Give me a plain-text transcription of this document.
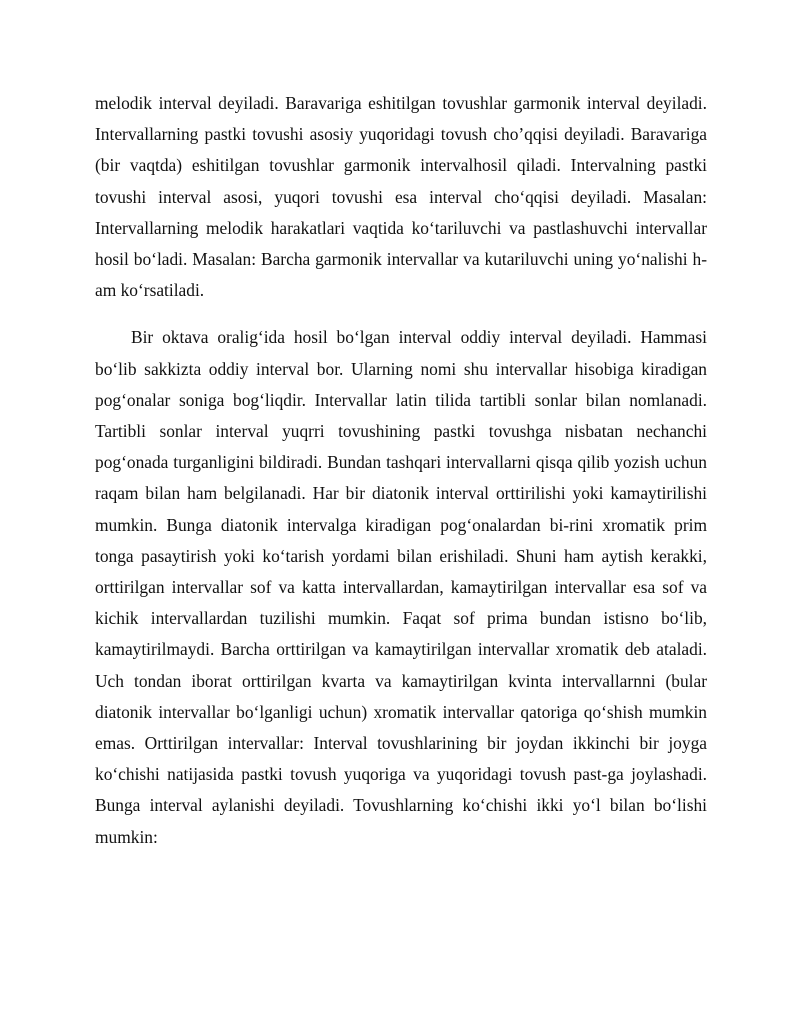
melodik interval deyiladi. Baravariga eshitilgan tovushlar garmonik interval deyiladi. Intervallarning pastki tovushi asosiy yuqoridagi tovush cho’qqisi deyiladi. Baravariga (bir vaqtda) eshitilgan tovushlar garmonik intervalhosil qiladi. Intervalning pastki tovushi interval asosi, yuqori tovushi esa interval cho‘qqisi deyiladi. Masalan: Intervallarning melodik harakatlari vaqtida ko‘tariluvchi va pastlashuvchi intervallar hosil bo‘ladi. Masalan: Barcha garmonik intervallar va kutariluvchi uning yo‘nalishi h-am ko‘rsatiladi.

Bir oktava oralig‘ida hosil bo‘lgan interval oddiy interval deyiladi. Hammasi bo‘lib sakkizta oddiy interval bor. Ularning nomi shu intervallar hisobiga kiradigan pog‘onalar soniga bog‘liqdir. Intervallar latin tilida tartibli sonlar bilan nomlanadi. Tartibli sonlar interval yuqrri tovushining pastki tovushga nisbatan nechanchi pog‘onada turganligini bildiradi. Bundan tashqari intervallarni qisqa qilib yozish uchun raqam bilan ham belgilanadi. Har bir diatonik interval orttirilishi yoki kamaytirilishi mumkin. Bunga diatonik intervalga kiradigan pog‘onalardan bi-rini xromatik prim tonga pasaytirish yoki ko‘tarish yordami bilan erishiladi. Shuni ham aytish kerakki, orttirilgan intervallar sof va katta intervallardan, kamaytirilgan intervallar esa sof va kichik intervallardan tuzilishi mumkin. Faqat sof prima bundan istisno bo‘lib, kamaytirilmaydi. Barcha orttirilgan va kamaytirilgan intervallar xromatik deb ataladi. Uch tondan iborat orttirilgan kvarta va kamaytirilgan kvinta intervallarnni (bular diatonik intervallar bo‘lganligi uchun) xromatik intervallar qatoriga qo‘shish mumkin emas. Orttirilgan intervallar: Interval tovushlarining bir joydan ikkinchi bir joyga ko‘chishi natijasida pastki tovush yuqoriga va yuqoridagi tovush past-ga joylashadi. Bunga interval aylanishi deyiladi. Tovushlarning ko‘chishi ikki yo‘l bilan bo‘lishi mumkin:
